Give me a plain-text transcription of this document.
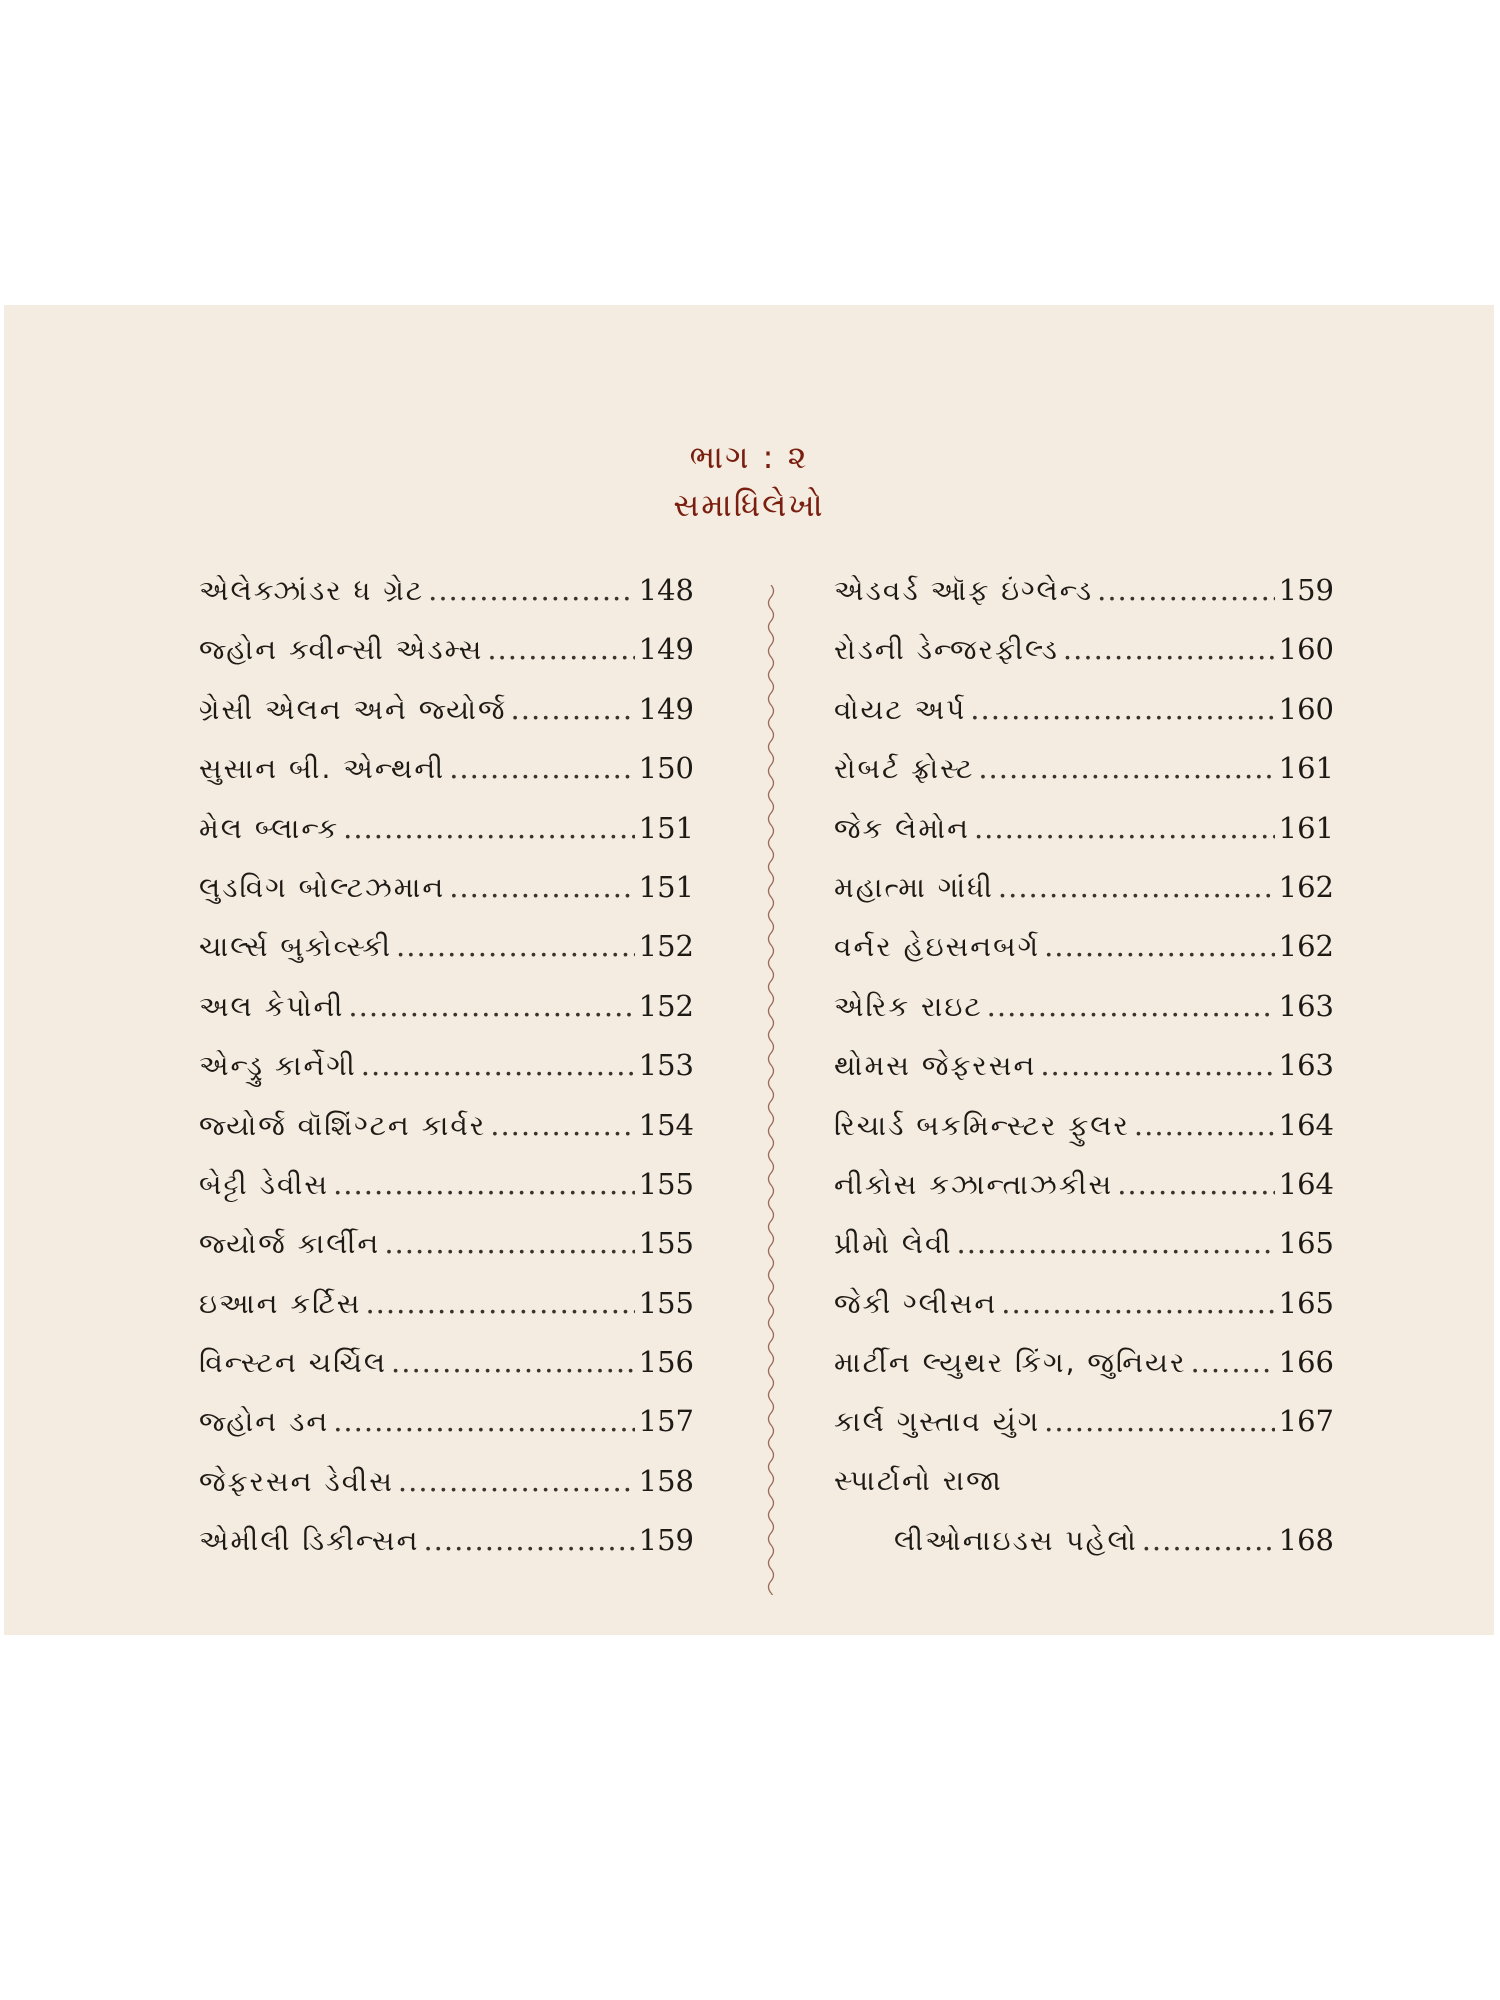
ભાગ : ૨
સમાધિલેખો
એલેક્ઝાંડર ધ ગ્રેટ .....	148
જ્હોન ક્વીન્સી એડમ્સ .....	149
ગ્રેસી એલન અને જ્યોર્જ .....	149
સુસાન બી. એન્થની .....	150
મેલ બ્લાન્ક .....	151
લુડવિગ બોલ્ટઝમાન .....	151
ચાર્લ્સ બુકોવ્સ્કી .....	152
અલ કેપોની .....	152
એન્ડ્રુ કાર્નેગી .....	153
જ્યોર્જ વૉશિંગ્ટન કાર્વર .....	154
બેટ્ટી ડેવીસ .....	155
જ્યોર્જ કાર્લીન .....	155
ઇઆન કર્ટિસ .....	155
વિન્સ્ટન ચર્ચિલ .....	156
જ્હોન ડન .....	157
જેફરસન ડેવીસ .....	158
એમીલી ડિકીન્સન .....	159
એડવર્ડ ઑફ ઇંગ્લેન્ડ .....	159
રોડની ડેન્જરફીલ્ડ .....	160
વોયટ અર્પ .....	160
રોબર્ટ ફ્રોસ્ટ .....	161
જેક લેમોન .....	161
મહાત્મા ગાંધી .....	162
વર્નર હેઇસનબર્ગ .....	162
એરિક રાઇટ .....	163
થોમસ જેફરસન .....	163
રિચાર્ડ બકમિન્સ્ટર ફુલર .....	164
નીકોસ કઝાન્તાઝકીસ .....	164
પ્રીમો લેવી .....	165
જેકી ગ્લીસન .....	165
માર્ટીન લ્યુથર કિંગ, જુનિયર .....	166
કાર્લ ગુસ્તાવ યુંગ .....	167
સ્પાર્ટાનો રાજા
લીઓનાઇડસ પહેલો .....	168
